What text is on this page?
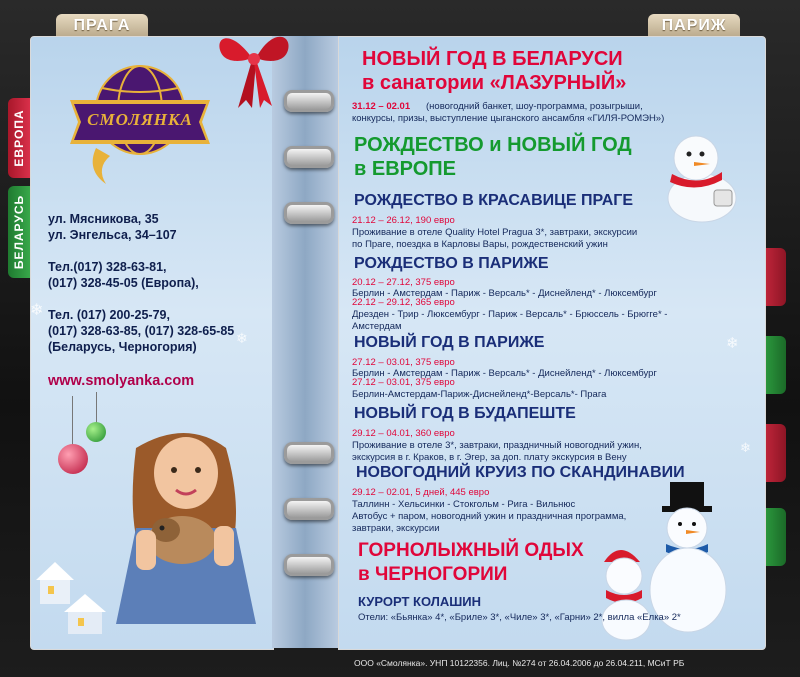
ПРАГА	ПАРИЖ
ЕВРОПА
БЕЛАРУСЬ
СМОЛЯНКА
ул. Мясникова, 35
ул. Энгельса, 34–107
Тел.(017) 328-63-81,
(017) 328-45-05 (Европа),
Тел. (017) 200-25-79,
(017) 328-63-85, (017) 328-65-85
(Беларусь, Черногория)
www.smolyanka.com
❄
❄	❄
❄
НОВЫЙ ГОД В БЕЛАРУСИ
в санатории «ЛАЗУРНЫЙ»
31.12 – 02.01 (новогодний банкет, шоу-программа, розыгрыши,
конкурсы, призы, выступление цыганского ансамбля «ГИЛЯ-РОМЭН»)
РОЖДЕСТВО и НОВЫЙ ГОД
в ЕВРОПЕ
РОЖДЕСТВО В КРАСАВИЦЕ ПРАГЕ
21.12 – 26.12, 190 евро
Проживание в отеле Quality Hotel Pragua 3*, завтраки, экскурсии
по Праге, поездка в Карловы Вары, рождественский ужин
РОЖДЕСТВО В ПАРИЖЕ
20.12 – 27.12, 375 евро
Берлин - Амстердам - Париж - Версаль* - Диснейленд* - Люксембург
22.12 – 29.12, 365 евро
Дрезден - Трир - Люксембург - Париж - Версаль* - Брюссель - Брюгге* -
Амстердам
НОВЫЙ ГОД В ПАРИЖЕ
27.12 – 03.01, 375 евро
Берлин - Амстердам - Париж - Версаль* - Диснейленд* - Люксембург
27.12 – 03.01, 375 евро
Берлин-Амстердам-Париж-Диснейленд*-Версаль*- Прага
НОВЫЙ ГОД В БУДАПЕШТЕ
29.12 – 04.01, 360 евро
Проживание в отеле 3*, завтраки, праздничный новогодний ужин,
экскурсия в г. Краков, в г. Эгер, за доп. плату экскурсия в Вену
НОВОГОДНИЙ КРУИЗ ПО СКАНДИНАВИИ
29.12 – 02.01, 5 дней, 445 евро
Таллинн - Хельсинки - Стокгольм - Рига - Вильнюс
Автобус + паром, новогодний ужин и праздничная программа,
завтраки, экскурсии
ГОРНОЛЫЖНЫЙ ОДЫХ
в ЧЕРНОГОРИИ
КУРОРТ КОЛАШИН
Отели: «Бьянка» 4*, «Бриле» 3*, «Чиле» 3*, «Гарни» 2*, вилла «Елка» 2*
ООО «Смолянка». УНП 10122356. Лиц. №274 от 26.04.2006 до 26.04.211, МСиТ РБ
